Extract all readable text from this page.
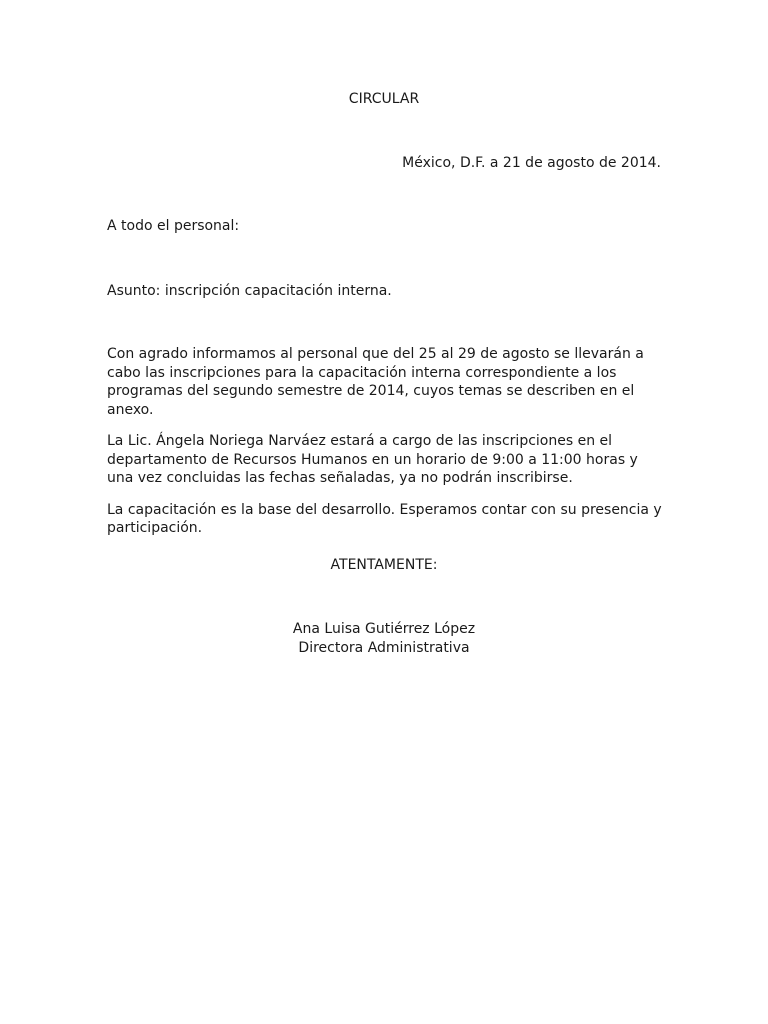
CIRCULAR
México, D.F. a 21 de agosto de 2014.
A todo el personal:
Asunto: inscripción capacitación interna.

Con agrado informamos al personal que del 25 al 29 de agosto se llevarán a cabo las inscripciones para la capacitación interna correspondiente a los programas del segundo semestre de 2014, cuyos temas se describen en el anexo.

La Lic. Ángela Noriega Narváez estará a cargo de las inscripciones en el departamento de Recursos Humanos en un horario de 9:00 a 11:00 horas y una vez concluidas las fechas señaladas, ya no podrán inscribirse.

La capacitación es la base del desarrollo. Esperamos contar con su presencia y participación.

ATENTAMENTE:
Ana Luisa Gutiérrez López
Directora Administrativa
